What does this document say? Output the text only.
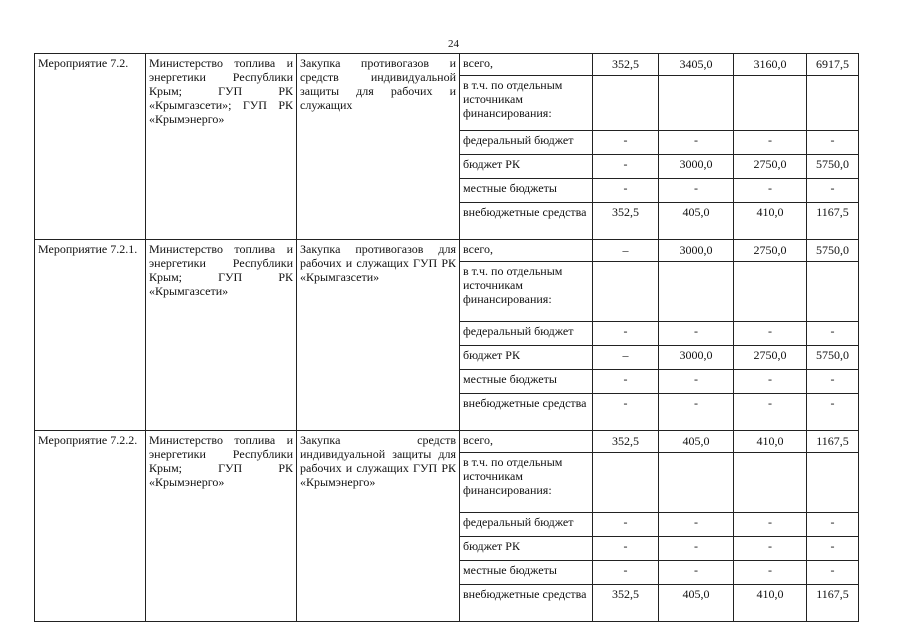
24
Мероприятие 7.2.	Министерство топлива и энергетики Республики Крым; ГУП РК «Крымгазсети»; ГУП РК «Крымэнерго»	Закупка противогазов и средств индивидуальной защиты для рабочих и служащих	всего,	352,5	3405,0	3160,0	6917,5
			в т.ч. по отдельным источникам финансирования:				
			федеральный бюджет	-	-	-	-
			бюджет РК	-	3000,0	2750,0	5750,0
			местные бюджеты	-	-	-	-
			внебюджетные средства	352,5	405,0	410,0	1167,5
Мероприятие 7.2.1.	Министерство топлива и энергетики Республики Крым; ГУП РК «Крымгазсети»	Закупка противогазов для рабочих и служащих ГУП РК «Крымгазсети»	всего,	–	3000,0	2750,0	5750,0
			в т.ч. по отдельным источникам финансирования:				
			федеральный бюджет	-	-	-	-
			бюджет РК	–	3000,0	2750,0	5750,0
			местные бюджеты	-	-	-	-
			внебюджетные средства	-	-	-	-
Мероприятие 7.2.2.	Министерство топлива и энергетики Республики Крым; ГУП РК «Крымэнерго»	Закупка средств индивидуальной защиты для рабочих и служащих ГУП РК «Крымэнерго»	всего,	352,5	405,0	410,0	1167,5
			в т.ч. по отдельным источникам финансирования:				
			федеральный бюджет	-	-	-	-
			бюджет РК	-	-	-	-
			местные бюджеты	-	-	-	-
			внебюджетные средства	352,5	405,0	410,0	1167,5
